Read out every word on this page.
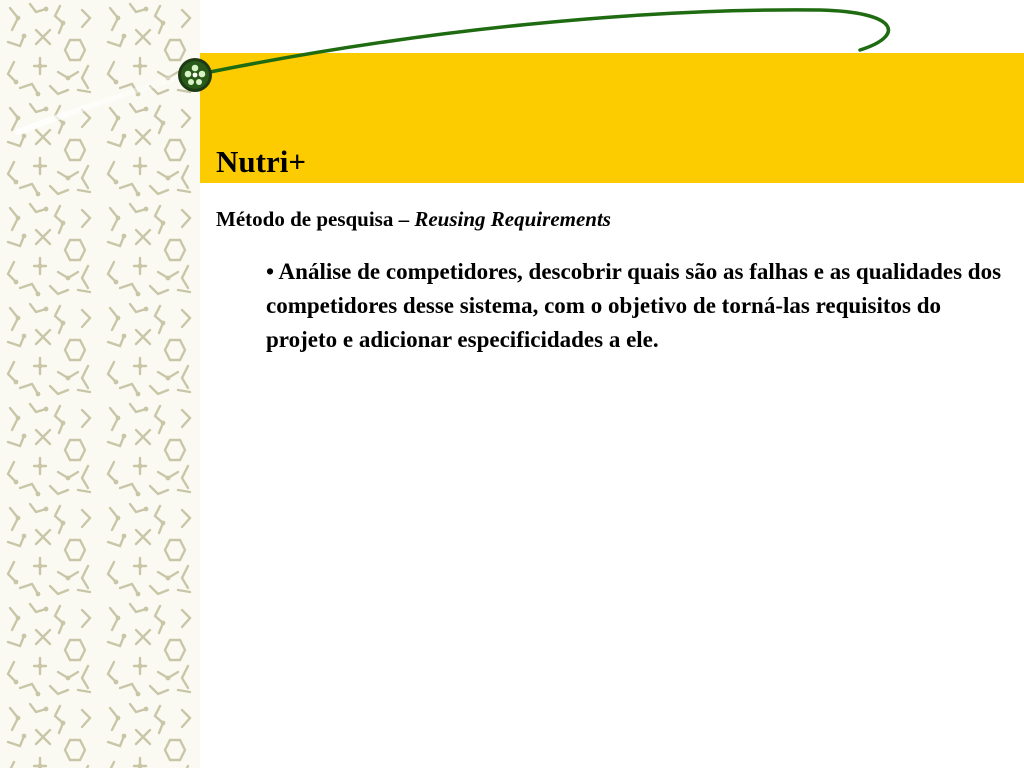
Nutri+

Método de pesquisa – Reusing Requirements

• Análise de competidores, descobrir quais são as falhas e as qualidades dos competidores desse sistema, com o objetivo de torná-las requisitos do projeto e adicionar especificidades a ele.
